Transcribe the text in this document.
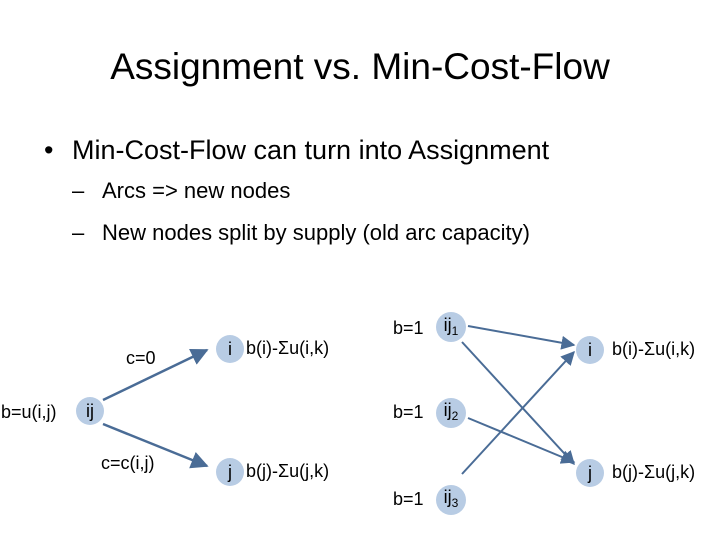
Assignment vs. Min-Cost-Flow
• Min-Cost-Flow can turn into Assignment
– Arcs => new nodes
– New nodes split by supply (old arc capacity)
b=u(i,j)	ij
c=0
c=c(i,j)
i b(i)-Σu(i,k)
j b(j)-Σu(j,k)
b=1	$ij_1$
b=1	$ij_2$
b=1	$ij_3$
i	b(i)-Σu(i,k)
j	b(j)-Σu(j,k)
